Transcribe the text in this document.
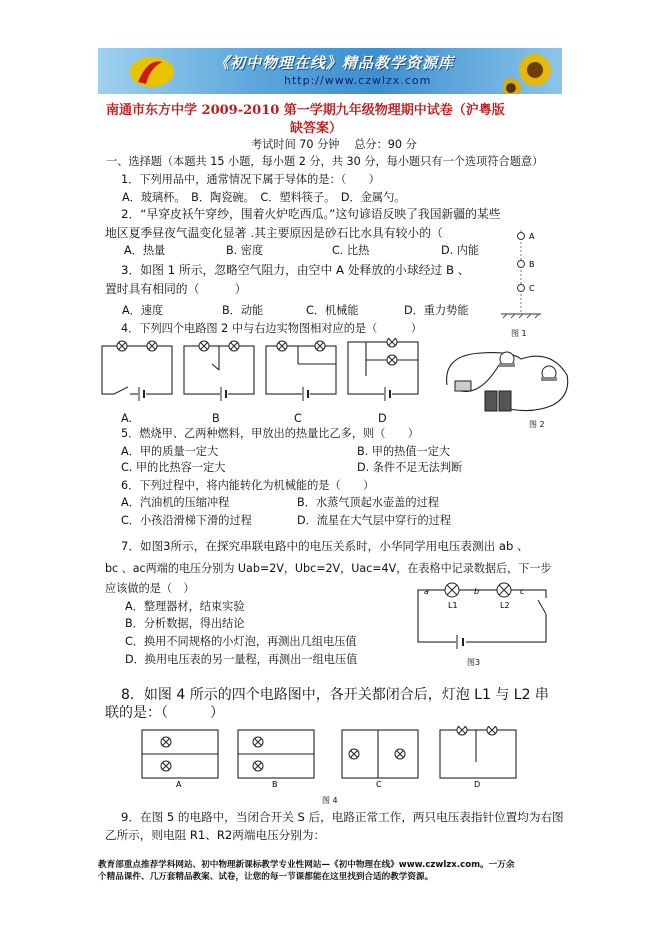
《初中物理在线》精品教学资源库
http://www.czwlzx.com
南通市东方中学 2009-2010 第一学期九年级物理期中试卷（沪粤版
缺答案）
考试时间 70 分钟　 总分：90 分
一、选择题（本题共 15 小题，每小题 2 分，共 30 分，每小题只有一个选项符合题意）
1．下列用品中，通常情况下属于导体的是：（　　）
A．玻璃杯。　B．陶瓷碗。　C．塑料筷子。　D．金属勺。
2．“早穿皮袄午穿纱，围着火炉吃西瓜。”这句谚语反映了我国新疆的某些
地区夏季昼夜气温变化显著 .其主要原因是砂石比水具有较小的（
A．热量	B. 密度	C. 比热	D. 内能
3．如图 1 所示，忽略空气阻力，由空中 A 处释放的小球经过 B 、
置时具有相同的（　　　）
A．速度	B．动能	C．机械能	D．重力势能
A
B
C
图 1
4．下列四个电路图 2 中与右边实物图相对应的是（　　　）
A.	B	C	D	图 2
5．燃烧甲、乙两种燃料，甲放出的热量比乙多，则（　　）
A．甲的质量一定大	B. 甲的热值一定大
C. 甲的比热容一定大	D. 条件不足无法判断
6．下列过程中，将内能转化为机械能的是（　　）
A．汽油机的压缩冲程	B．水蒸气顶起水壶盖的过程
C．小孩沿滑梯下滑的过程	D．流星在大气层中穿行的过程
7．如图3所示，在探究串联电路中的电压关系时，小华同学用电压表测出 ab 、
bc 、ac两端的电压分别为 Uab=2V，Ubc=2V，Uac=4V，在表格中记录数据后，下一步
应该做的是（　）
A．整理器材，结束实验
B．分析数据，得出结论
C．换用不同规格的小灯泡，再测出几组电压值
D．换用电压表的另一量程，再测出一组电压值
a	b	c
L1	L2
图3
8．如图 4 所示的四个电路图中，各开关都闭合后，灯泡 L1 与 L2 串
联的是：（　　　）
A	B	C	D
图 4
9．在图 5 的电路中，当闭合开关 S 后，电路正常工作，两只电压表指针位置均为右图
乙所示，则电阻 R1、R2两端电压分别为：
教育部重点推荐学科网站、初中物理新课标教学专业性网站—《初中物理在线》www.czwlzx.com。一万余
个精品课件、几万套精品教案、试卷，让您的每一节课都能在这里找到合适的教学资源。
